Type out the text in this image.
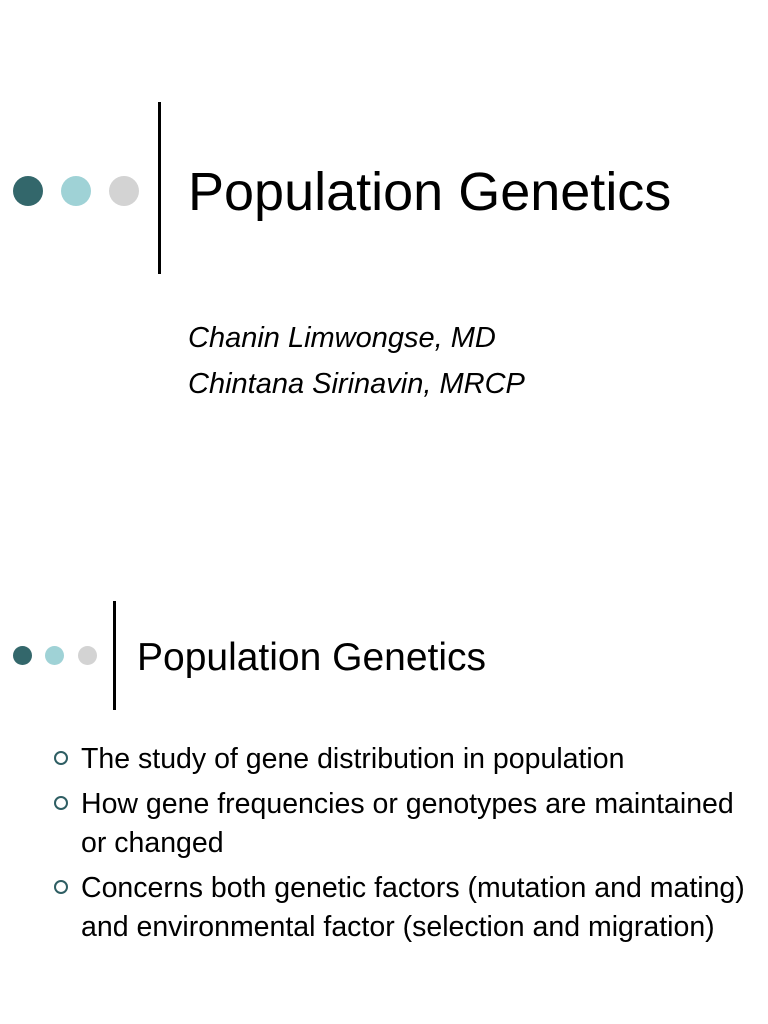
Population Genetics
Chanin Limwongse, MD
Chintana Sirinavin, MRCP
Population Genetics
The study of gene distribution in population
How gene frequencies or genotypes are maintained or changed
Concerns both genetic factors (mutation and mating) and environmental factor (selection and migration)
